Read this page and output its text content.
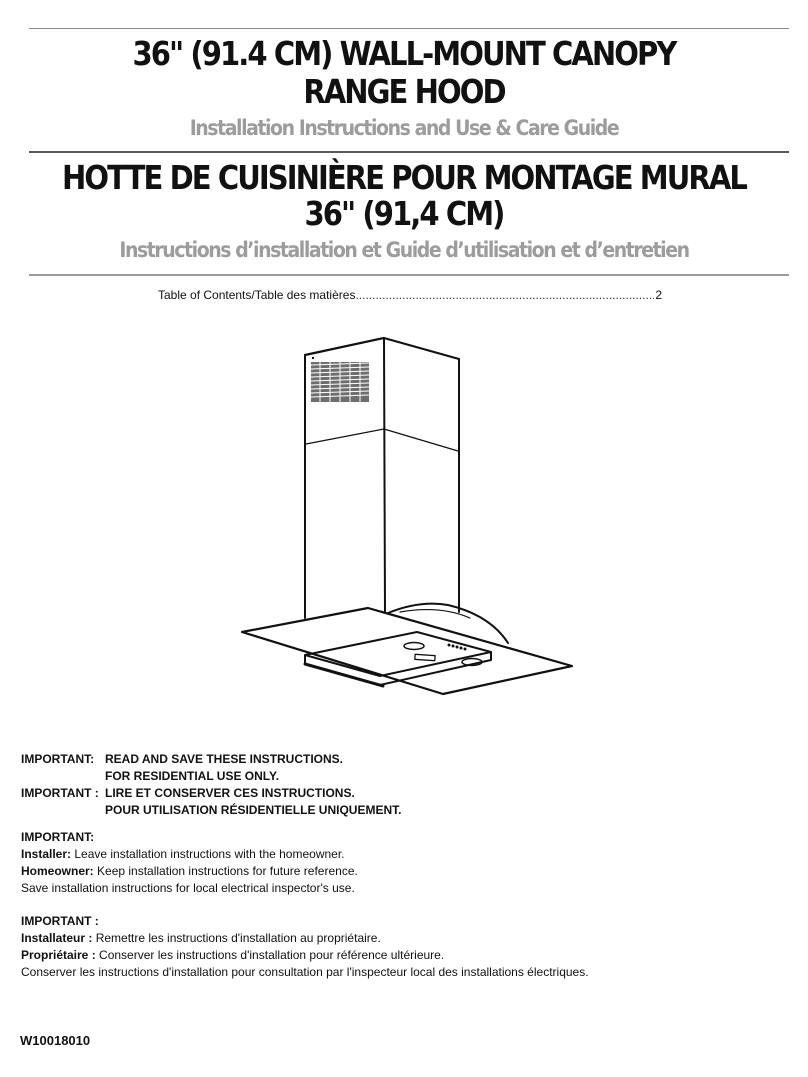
36" (91.4 CM) WALL-MOUNT CANOPY
RANGE HOOD
Installation Instructions and Use & Care Guide
HOTTE DE CUISINIÈRE POUR MONTAGE MURAL
36" (91,4 CM)
Instructions d’installation et Guide d’utilisation et d’entretien
Table of Contents/Table des matières .....	2
IMPORTANT: READ AND SAVE THESE INSTRUCTIONS.
FOR RESIDENTIAL USE ONLY.
IMPORTANT : LIRE ET CONSERVER CES INSTRUCTIONS.
POUR UTILISATION RÉSIDENTIELLE UNIQUEMENT.
IMPORTANT:
Installer: Leave installation instructions with the homeowner.
Homeowner: Keep installation instructions for future reference.
Save installation instructions for local electrical inspector's use.
IMPORTANT :
Installateur : Remettre les instructions d'installation au propriétaire.
Propriétaire : Conserver les instructions d'installation pour référence ultérieure.
Conserver les instructions d'installation pour consultation par l'inspecteur local des installations électriques.
W10018010
